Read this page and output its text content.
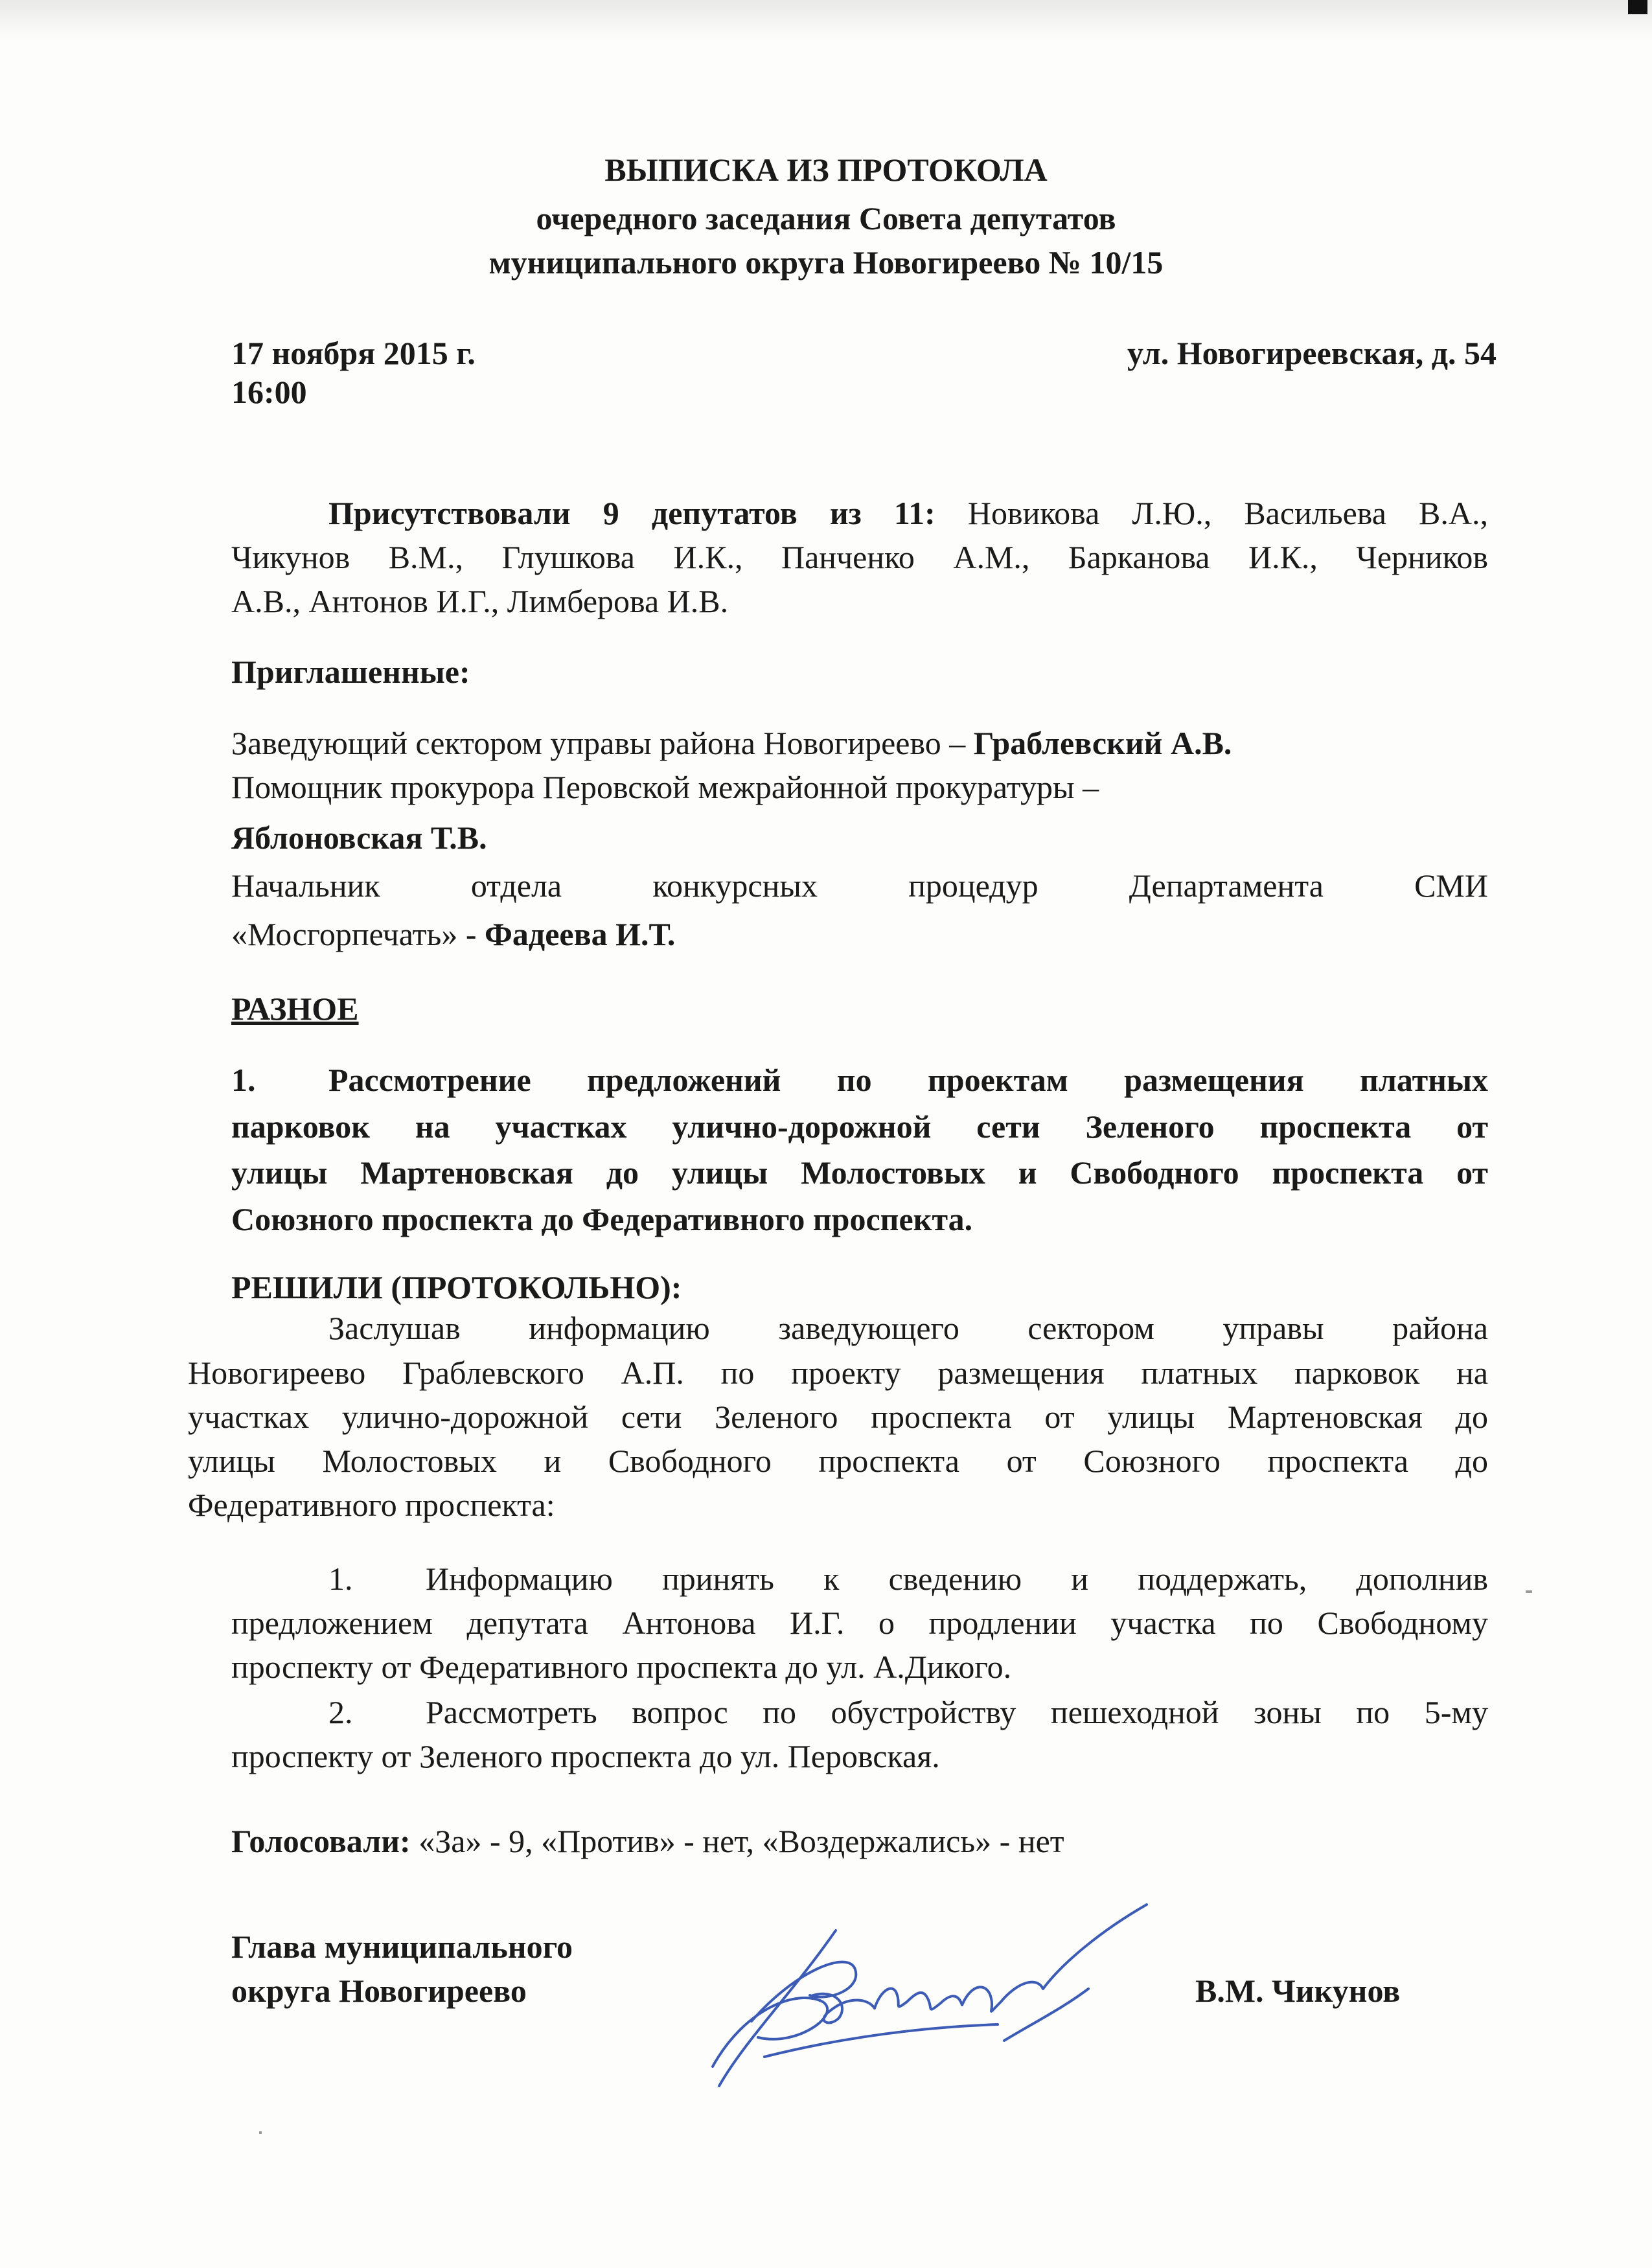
ВЫПИСКА ИЗ ПРОТОКОЛА
очередного заседания Совета депутатов
муниципального округа Новогиреево № 10/15
17 ноября 2015 г.
16:00
ул. Новогиреевская, д. 54
Присутствовали 9 депутатов из 11: Новикова Л.Ю., Васильева В.А.,
Чикунов В.М., Глушкова И.К., Панченко А.М., Барканова И.К., Черников
А.В., Антонов И.Г., Лимберова И.В.
Приглашенные:
Заведующий сектором управы района Новогиреево – Граблевский А.В.
Помощник прокурора Перовской межрайонной прокуратуры –
Яблоновская Т.В.
Начальник отдела конкурсных процедур Департамента СМИ
«Мосгорпечать» - Фадеева И.Т.
РАЗНОЕ
1. Рассмотрение предложений по проектам размещения платных
парковок на участках улично-дорожной сети Зеленого проспекта от
улицы Мартеновская до улицы Молостовых и Свободного проспекта от
Союзного проспекта до Федеративного проспекта.
РЕШИЛИ (ПРОТОКОЛЬНО):
Заслушав информацию заведующего сектором управы района
Новогиреево Граблевского А.П. по проекту размещения платных парковок на
участках улично-дорожной сети Зеленого проспекта от улицы Мартеновская до
улицы Молостовых и Свободного проспекта от Союзного проспекта до
Федеративного проспекта:
1. Информацию принять к сведению и поддержать, дополнив
предложением депутата Антонова И.Г. о продлении участка по Свободному
проспекту от Федеративного проспекта до ул. А.Дикого.
2. Рассмотреть вопрос по обустройству пешеходной зоны по 5-му
проспекту от Зеленого проспекта до ул. Перовская.
Голосовали: «За» - 9, «Против» - нет, «Воздержались» - нет
Глава муниципального
округа Новогиреево	В.М. Чикунов
